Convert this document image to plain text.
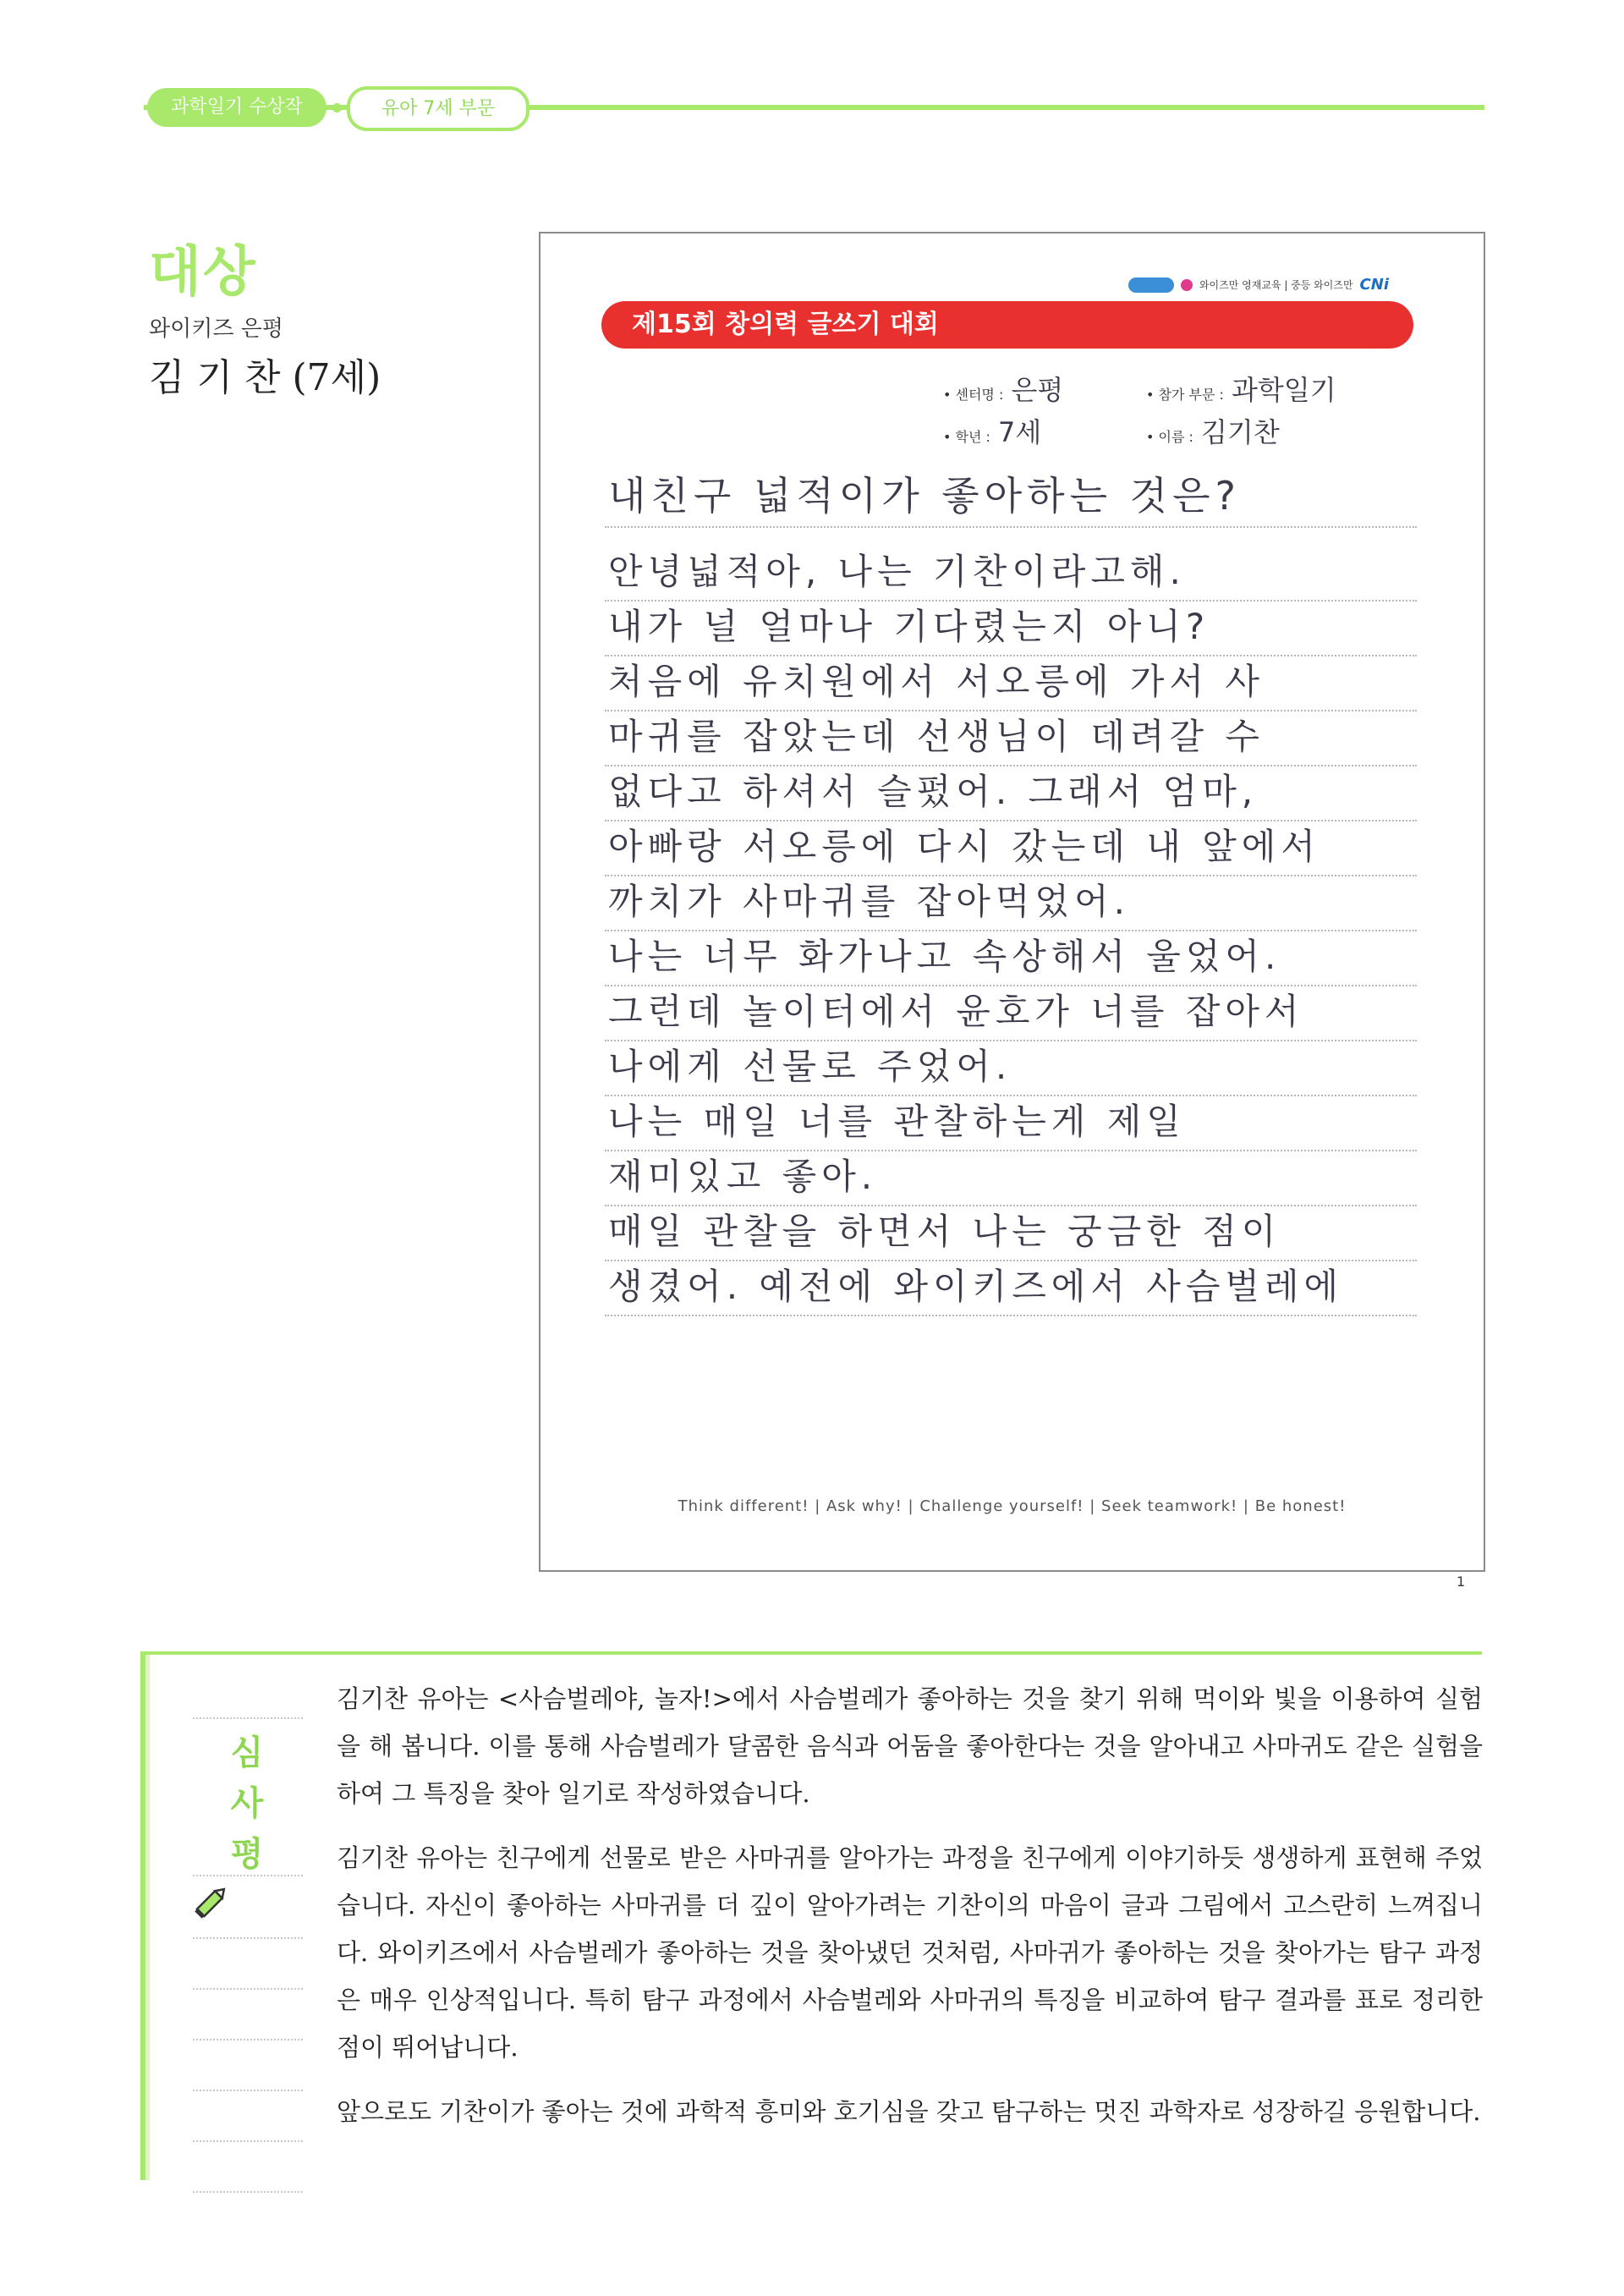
과학일기 수상작	유아 7세 부문
대상
와이키즈 은평
김 기 찬 (7세)
와이즈만 영재교육 | 중등 와이즈만 CNi
제15회 창의력 글쓰기 대회
• 센터명 : 은평	• 참가 부문 : 과학일기
• 학년 : 7세	• 이름 : 김기찬
내친구 넓적이가 좋아하는 것은?
안녕넓적아, 나는 기찬이라고해.
내가 널 얼마나 기다렸는지 아니?
처음에 유치원에서 서오릉에 가서 사
마귀를 잡았는데 선생님이 데려갈 수
없다고 하셔서 슬펐어. 그래서 엄마,
아빠랑 서오릉에 다시 갔는데 내 앞에서
까치가 사마귀를 잡아먹었어.
나는 너무 화가나고 속상해서 울었어.
그런데 놀이터에서 윤호가 너를 잡아서
나에게 선물로 주었어.
나는 매일 너를 관찰하는게 제일
재미있고 좋아.
매일 관찰을 하면서 나는 궁금한 점이
생겼어. 예전에 와이키즈에서 사슴벌레에
Think different! | Ask why! | Challenge yourself! | Seek teamwork! | Be honest!
1
심
사
평

김기찬 유아는 <사슴벌레야, 놀자!>에서 사슴벌레가 좋아하는 것을 찾기 위해 먹이와 빛을 이용하여 실험을 해 봅니다. 이를 통해 사슴벌레가 달콤한 음식과 어둠을 좋아한다는 것을 알아내고 사마귀도 같은 실험을 하여 그 특징을 찾아 일기로 작성하였습니다.

김기찬 유아는 친구에게 선물로 받은 사마귀를 알아가는 과정을 친구에게 이야기하듯 생생하게 표현해 주었습니다. 자신이 좋아하는 사마귀를 더 깊이 알아가려는 기찬이의 마음이 글과 그림에서 고스란히 느껴집니다. 와이키즈에서 사슴벌레가 좋아하는 것을 찾아냈던 것처럼, 사마귀가 좋아하는 것을 찾아가는 탐구 과정은 매우 인상적입니다. 특히 탐구 과정에서 사슴벌레와 사마귀의 특징을 비교하여 탐구 결과를 표로 정리한 점이 뛰어납니다.

앞으로도 기찬이가 좋아는 것에 과학적 흥미와 호기심을 갖고 탐구하는 멋진 과학자로 성장하길 응원합니다.
